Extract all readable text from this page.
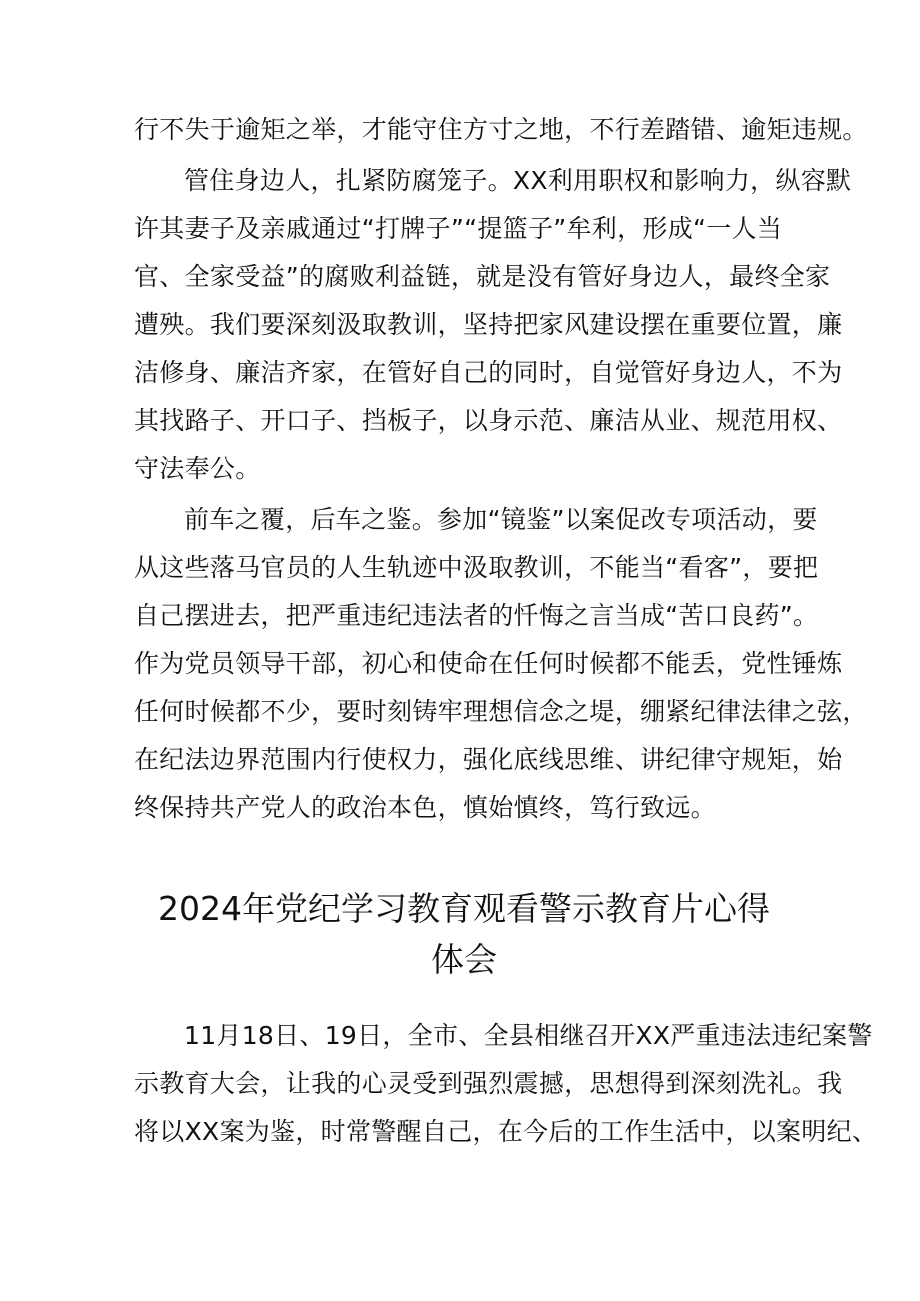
行不失于逾矩之举，才能守住方寸之地，不行差踏错、逾矩违规。
管住身边人，扎紧防腐笼子。XX利用职权和影响力，纵容默
许其妻子及亲戚通过“打牌子”“提篮子”牟利，形成“一人当
官、全家受益”的腐败利益链，就是没有管好身边人，最终全家
遭殃。我们要深刻汲取教训，坚持把家风建设摆在重要位置，廉
洁修身、廉洁齐家，在管好自己的同时，自觉管好身边人，不为
其找路子、开口子、挡板子，以身示范、廉洁从业、规范用权、
守法奉公。
前车之覆，后车之鉴。参加“镜鉴”以案促改专项活动，要
从这些落马官员的人生轨迹中汲取教训，不能当“看客”，要把
自己摆进去，把严重违纪违法者的忏悔之言当成“苦口良药”。
作为党员领导干部，初心和使命在任何时候都不能丢，党性锤炼
任何时候都不少，要时刻铸牢理想信念之堤，绷紧纪律法律之弦，
在纪法边界范围内行使权力，强化底线思维、讲纪律守规矩，始
终保持共产党人的政治本色，慎始慎终，笃行致远。
2024年党纪学习教育观看警示教育片心得
体会
11月18日、19日，全市、全县相继召开XX严重违法违纪案警
示教育大会，让我的心灵受到强烈震撼，思想得到深刻洗礼。我
将以XX案为鉴，时常警醒自己，在今后的工作生活中，以案明纪、
